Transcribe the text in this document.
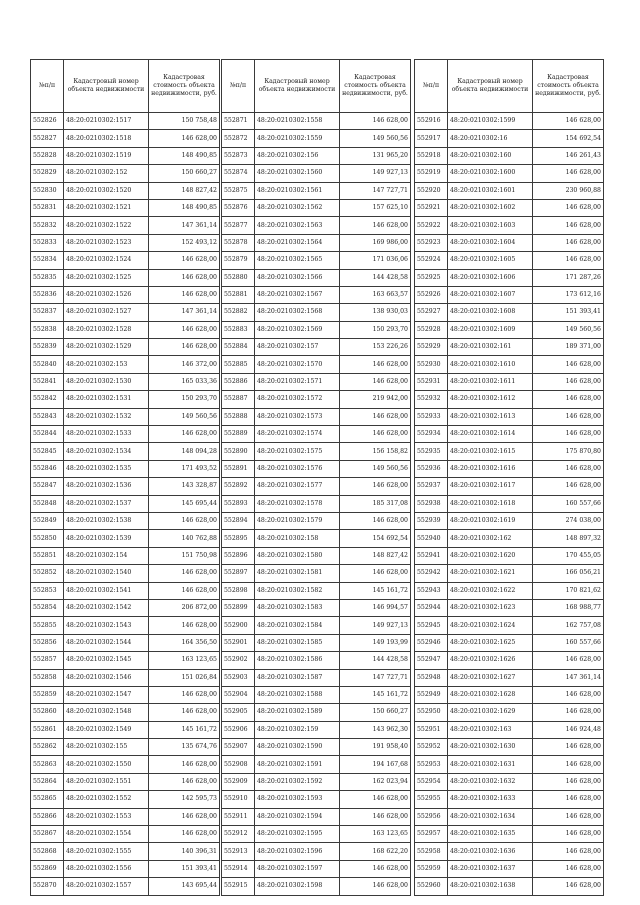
№п/п	Кадастровый номер объекта недвижимости	Кадастровая стоимость объекта недвижимости, руб.
552826	48:20:0210302:1517	150 758,48
552827	48:20:0210302:1518	146 628,00
552828	48:20:0210302:1519	148 490,85
552829	48:20:0210302:152	150 660,27
552830	48:20:0210302:1520	148 827,42
552831	48:20:0210302:1521	148 490,85
552832	48:20:0210302:1522	147 361,14
552833	48:20:0210302:1523	152 493,12
552834	48:20:0210302:1524	146 628,00
552835	48:20:0210302:1525	146 628,00
552836	48:20:0210302:1526	146 628,00
552837	48:20:0210302:1527	147 361,14
552838	48:20:0210302:1528	146 628,00
552839	48:20:0210302:1529	146 628,00
552840	48:20:0210302:153	146 372,00
552841	48:20:0210302:1530	165 033,36
552842	48:20:0210302:1531	150 293,70
552843	48:20:0210302:1532	149 560,56
552844	48:20:0210302:1533	146 628,00
552845	48:20:0210302:1534	148 094,28
552846	48:20:0210302:1535	171 493,52
552847	48:20:0210302:1536	143 328,87
552848	48:20:0210302:1537	145 695,44
552849	48:20:0210302:1538	146 628,00
552850	48:20:0210302:1539	140 762,88
552851	48:20:0210302:154	151 750,98
552852	48:20:0210302:1540	146 628,00
552853	48:20:0210302:1541	146 628,00
552854	48:20:0210302:1542	206 872,00
552855	48:20:0210302:1543	146 628,00
552856	48:20:0210302:1544	164 356,50
552857	48:20:0210302:1545	163 123,65
552858	48:20:0210302:1546	151 026,84
552859	48:20:0210302:1547	146 628,00
552860	48:20:0210302:1548	146 628,00
552861	48:20:0210302:1549	145 161,72
552862	48:20:0210302:155	135 674,76
552863	48:20:0210302:1550	146 628,00
552864	48:20:0210302:1551	146 628,00
552865	48:20:0210302:1552	142 595,73
552866	48:20:0210302:1553	146 628,00
552867	48:20:0210302:1554	146 628,00
552868	48:20:0210302:1555	140 396,31
552869	48:20:0210302:1556	151 393,41
552870	48:20:0210302:1557	143 695,44
№п/п	Кадастровый номер объекта недвижимости	Кадастровая стоимость объекта недвижимости, руб.
552871	48:20:0210302:1558	146 628,00
552872	48:20:0210302:1559	149 560,56
552873	48:20:0210302:156	131 965,20
552874	48:20:0210302:1560	149 927,13
552875	48:20:0210302:1561	147 727,71
552876	48:20:0210302:1562	157 625,10
552877	48:20:0210302:1563	146 628,00
552878	48:20:0210302:1564	169 986,00
552879	48:20:0210302:1565	171 036,06
552880	48:20:0210302:1566	144 428,58
552881	48:20:0210302:1567	163 663,57
552882	48:20:0210302:1568	138 930,03
552883	48:20:0210302:1569	150 293,70
552884	48:20:0210302:157	153 226,26
552885	48:20:0210302:1570	146 628,00
552886	48:20:0210302:1571	146 628,00
552887	48:20:0210302:1572	219 942,00
552888	48:20:0210302:1573	146 628,00
552889	48:20:0210302:1574	146 628,00
552890	48:20:0210302:1575	156 158,82
552891	48:20:0210302:1576	149 560,56
552892	48:20:0210302:1577	146 628,00
552893	48:20:0210302:1578	185 317,08
552894	48:20:0210302:1579	146 628,00
552895	48:20:0210302:158	154 692,54
552896	48:20:0210302:1580	148 827,42
552897	48:20:0210302:1581	146 628,00
552898	48:20:0210302:1582	145 161,72
552899	48:20:0210302:1583	146 994,57
552900	48:20:0210302:1584	149 927,13
552901	48:20:0210302:1585	149 193,99
552902	48:20:0210302:1586	144 428,58
552903	48:20:0210302:1587	147 727,71
552904	48:20:0210302:1588	145 161,72
552905	48:20:0210302:1589	150 660,27
552906	48:20:0210302:159	143 962,30
552907	48:20:0210302:1590	191 958,40
552908	48:20:0210302:1591	194 167,68
552909	48:20:0210302:1592	162 023,94
552910	48:20:0210302:1593	146 628,00
552911	48:20:0210302:1594	146 628,00
552912	48:20:0210302:1595	163 123,65
552913	48:20:0210302:1596	168 622,20
552914	48:20:0210302:1597	146 628,00
552915	48:20:0210302:1598	146 628,00
№п/п	Кадастровый номер объекта недвижимости	Кадастровая стоимость объекта недвижимости, руб.
552916	48:20:0210302:1599	146 628,00
552917	48:20:0210302:16	154 692,54
552918	48:20:0210302:160	146 261,43
552919	48:20:0210302:1600	146 628,00
552920	48:20:0210302:1601	230 960,88
552921	48:20:0210302:1602	146 628,00
552922	48:20:0210302:1603	146 628,00
552923	48:20:0210302:1604	146 628,00
552924	48:20:0210302:1605	146 628,00
552925	48:20:0210302:1606	171 287,26
552926	48:20:0210302:1607	173 612,16
552927	48:20:0210302:1608	151 393,41
552928	48:20:0210302:1609	149 560,56
552929	48:20:0210302:161	189 371,00
552930	48:20:0210302:1610	146 628,00
552931	48:20:0210302:1611	146 628,00
552932	48:20:0210302:1612	146 628,00
552933	48:20:0210302:1613	146 628,00
552934	48:20:0210302:1614	146 628,00
552935	48:20:0210302:1615	175 870,80
552936	48:20:0210302:1616	146 628,00
552937	48:20:0210302:1617	146 628,00
552938	48:20:0210302:1618	160 557,66
552939	48:20:0210302:1619	274 038,00
552940	48:20:0210302:162	148 897,32
552941	48:20:0210302:1620	170 455,05
552942	48:20:0210302:1621	166 056,21
552943	48:20:0210302:1622	170 821,62
552944	48:20:0210302:1623	168 988,77
552945	48:20:0210302:1624	162 757,08
552946	48:20:0210302:1625	160 557,66
552947	48:20:0210302:1626	146 628,00
552948	48:20:0210302:1627	147 361,14
552949	48:20:0210302:1628	146 628,00
552950	48:20:0210302:1629	146 628,00
552951	48:20:0210302:163	146 924,48
552952	48:20:0210302:1630	146 628,00
552953	48:20:0210302:1631	146 628,00
552954	48:20:0210302:1632	146 628,00
552955	48:20:0210302:1633	146 628,00
552956	48:20:0210302:1634	146 628,00
552957	48:20:0210302:1635	146 628,00
552958	48:20:0210302:1636	146 628,00
552959	48:20:0210302:1637	146 628,00
552960	48:20:0210302:1638	146 628,00
